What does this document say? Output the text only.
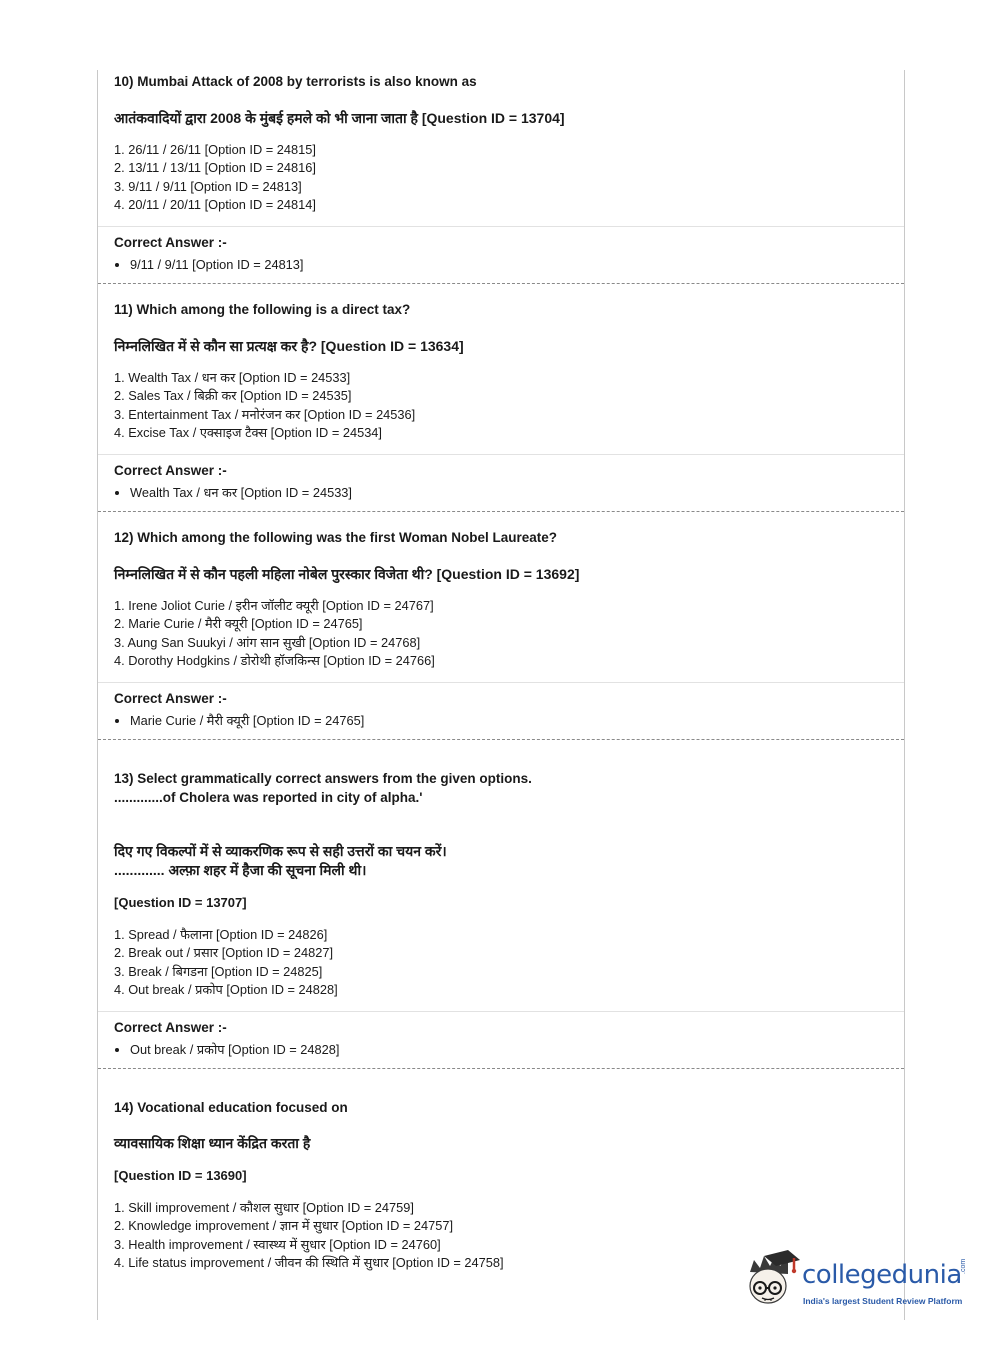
10) Mumbai Attack of 2008 by terrorists is also known as
आतंकवादियों द्वारा 2008 के मुंबई हमले को भी जाना जाता है [Question ID = 13704]
1. 26/11 / 26/11 [Option ID = 24815]
2. 13/11 / 13/11 [Option ID = 24816]
3. 9/11 / 9/11 [Option ID = 24813]
4. 20/11 / 20/11 [Option ID = 24814]
Correct Answer :-
9/11 / 9/11 [Option ID = 24813]
11) Which among the following is a direct tax?
निम्नलिखित में से कौन सा प्रत्यक्ष कर है? [Question ID = 13634]
1. Wealth Tax / धन कर [Option ID = 24533]
2. Sales Tax / बिक्री कर [Option ID = 24535]
3. Entertainment Tax / मनोरंजन कर [Option ID = 24536]
4. Excise Tax / एक्साइज टैक्स [Option ID = 24534]
Correct Answer :-
Wealth Tax / धन कर [Option ID = 24533]
12) Which among the following was the first Woman Nobel Laureate?
निम्नलिखित में से कौन पहली महिला नोबेल पुरस्कार विजेता थी? [Question ID = 13692]
1. Irene Joliot Curie / इरीन जॉलीट क्यूरी [Option ID = 24767]
2. Marie Curie / मैरी क्यूरी [Option ID = 24765]
3. Aung San Suukyi / आंग सान सुखी [Option ID = 24768]
4. Dorothy Hodgkins / डोरोथी हॉजकिन्स [Option ID = 24766]
Correct Answer :-
Marie Curie / मैरी क्यूरी [Option ID = 24765]
13) Select grammatically correct answers from the given options.
.............of Cholera was reported in city of alpha.'
दिए गए विकल्पों में से व्याकरणिक रूप से सही उत्तरों का चयन करें।
............. अल्फ़ा शहर में हैजा की सूचना मिली थी।
[Question ID = 13707]
1. Spread / फैलाना [Option ID = 24826]
2. Break out / प्रसार [Option ID = 24827]
3. Break / बिगडना [Option ID = 24825]
4. Out break / प्रकोप [Option ID = 24828]
Correct Answer :-
Out break / प्रकोप [Option ID = 24828]
14) Vocational education focused on
व्यावसायिक शिक्षा ध्यान केंद्रित करता है
[Question ID = 13690]
1. Skill improvement / कौशल सुधार [Option ID = 24759]
2. Knowledge improvement / ज्ञान में सुधार [Option ID = 24757]
3. Health improvement / स्वास्थ्य में सुधार [Option ID = 24760]
4. Life status improvement / जीवन की स्थिति में सुधार [Option ID = 24758]	collegedunia
.com
India's largest Student Review Platform
